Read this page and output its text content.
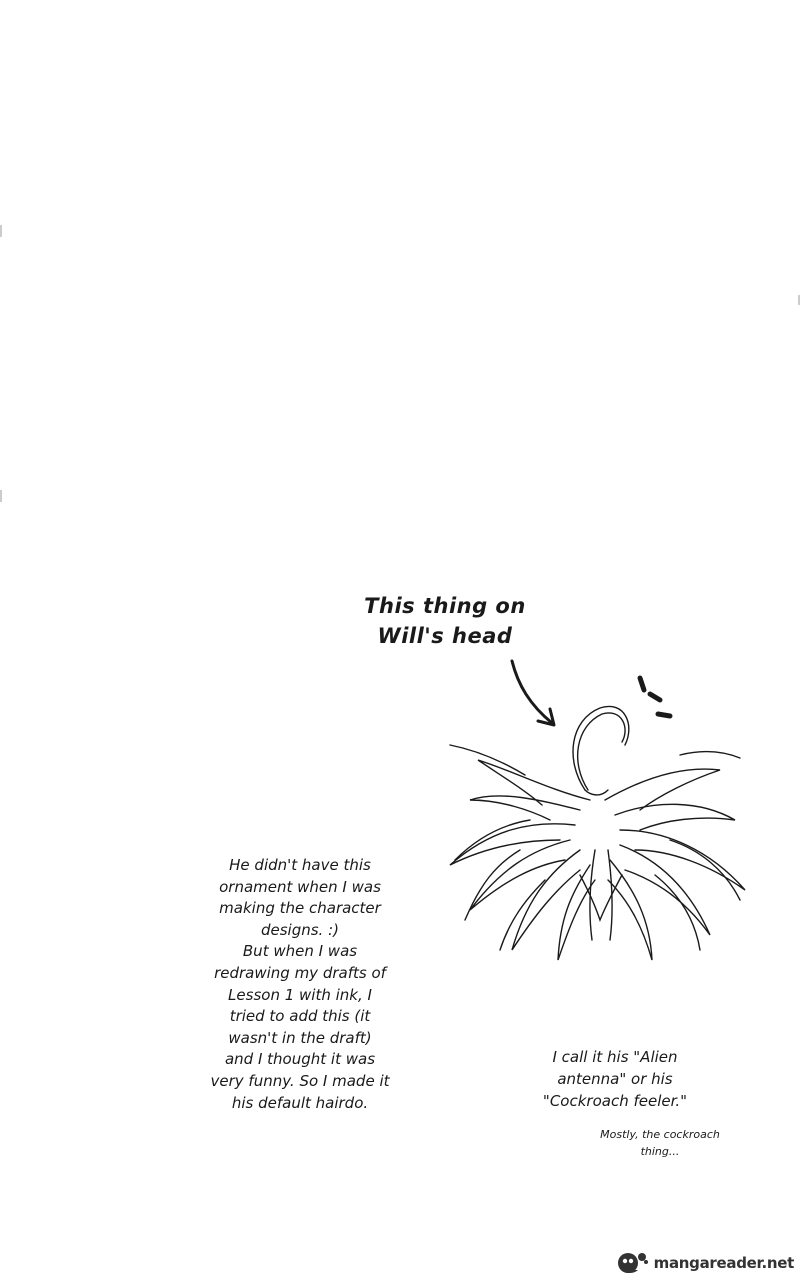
This thing on
Will's head

He didn't have this
ornament when I was
making the character
designs. :)
But when I was
redrawing my drafts of
Lesson 1 with ink, I
tried to add this (it
wasn't in the draft)
and I thought it was
very funny. So I made it
his default hairdo.

I call it his "Alien
antenna" or his
"Cockroach feeler."

Mostly, the cockroach
thing...

mangareader.net
